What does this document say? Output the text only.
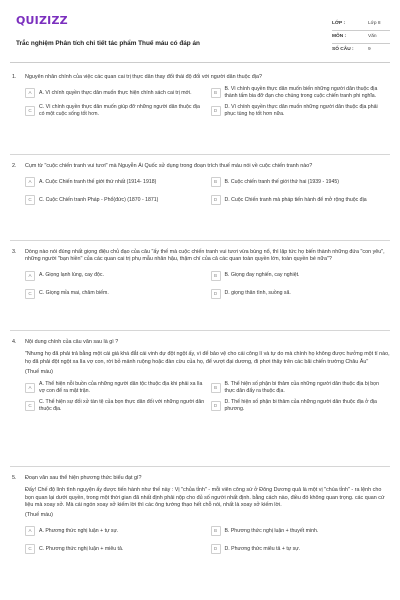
QUIZIZZ
Trắc nghiệm Phân tích chi tiết tác phẩm Thuế máu có đáp án
LỚP :	Lớp 8
MÔN :	Văn
SỐ CÂU :	9
1.	Nguyên nhân chính của việc các quan cai trị thực dân thay đổi thái độ đối với người dân thuộc địa?
A	A. Vì chính quyền thực dân muốn thực hiện chính sách cai trị mới.	B
B. Vì chính quyền thực dân muốn biến những người dân thuộc địa thành tấm bia đỡ đạn cho chúng trong cuộc chiến tranh phi nghĩa.
C
C. Vì chính quyền thực dân muốn giúp đỡ những người dân thuộc địa có một cuộc sống tốt hơn.
D
D. Vì chính quyền thực dân muốn những người dân thuộc địa phải phục tùng họ tốt hơn nữa.
2.	Cụm từ "cuộc chiến tranh vui tươi" mà Nguyễn Ái Quốc sử dụng trong đoạn trích thuế máu nói về cuộc chiến tranh nào?
A	A. Cuộc Chiến tranh thế giới thứ nhất (1914- 1918)	B	B. Cuộc chiến tranh thế giới thứ hai (1939 - 1945)
C	C. Cuộc Chiến tranh Pháp - Phổ(đức) (1870 - 1871)	D	D. Cuộc Chiến tranh mà pháp tiến hành để mở rộng thuộc địa
3.	Dòng nào nói đúng nhất giọng điệu chủ đạo của câu "ấy thế mà cuộc chiến tranh vui tươi vừa bùng nổ, thì lập tức họ biến thành những đứa "con yêu", những người "bạn hiền" của các quan cai trị phụ mẫu nhân hậu, thậm chí của cả các quan toàn quyền lớn, toàn quyền bé nữa"?
A	A. Giọng lạnh lùng, cay độc.	B	B. Giọng đay nghiến, cay nghiệt.
C	C. Giọng mỉa mai, châm biếm.	D	D. giọng thân tình, suồng sã.
4.	Nội dung chính của câu văn sau là gì ?
"Nhưng họ đã phải trả bằng một cái giá khá đắt cái vinh dự đột ngột ấy, vì để bảo vệ cho cái công lí và tự do mà chính họ không được hưởng một tí nào, họ đã phải đột ngột xa lìa vợ con, rời bỏ mảnh ruộng hoặc đàn cừu của họ, để vượt đại dương, đi phơi thây trên các bãi chiến trường Châu Âu"
(Thuế máu)
A
A. Thể hiện nỗi buồn của những người dân tộc thuộc địa khi phải xa lìa vợ con để ra mặt trận.
B
B. Thể hiện số phận bi thảm của những người dân thuộc địa bị bọn thực dân đẩy ra thuộc địa.
C
C. Thể hiện sự đối xử tàn tệ của bọn thực dân đối với những người dân thuộc địa.
D
D. Thể hiện số phận bi thảm của những người dân thuộc địa ở địa phương.
5.	Đoạn văn sau thể hiện phương thức biểu đạt gì?
Đấy! Chế độ lính tình nguyện ấy được tiến hành như thế này : Vị "chủa tỉnh" - mỗi viên công sứ ở Đông Dương quả là một vị "chúa tỉnh" - ra lệnh cho bọn quan lại dưới quyền, trong một thời gian đã nhất định phải nộp cho đủ số người nhất định. bằng cách nào, điều đó không quan trọng. các quan cứ liệu mà xoay xở. Mà cái ngón xoay xở kiếm lời thì các ông tướng thạo hết chỗ nói, nhất là xoay xở kiếm lời.
(Thuế máu)
A	A. Phương thức nghị luận + tự sự.	B	B. Phương thức nghị luận + thuyết minh.
C	C. Phương thức nghị luận + miêu tả.	D	D. Phương thức miêu tả + tự sự.
